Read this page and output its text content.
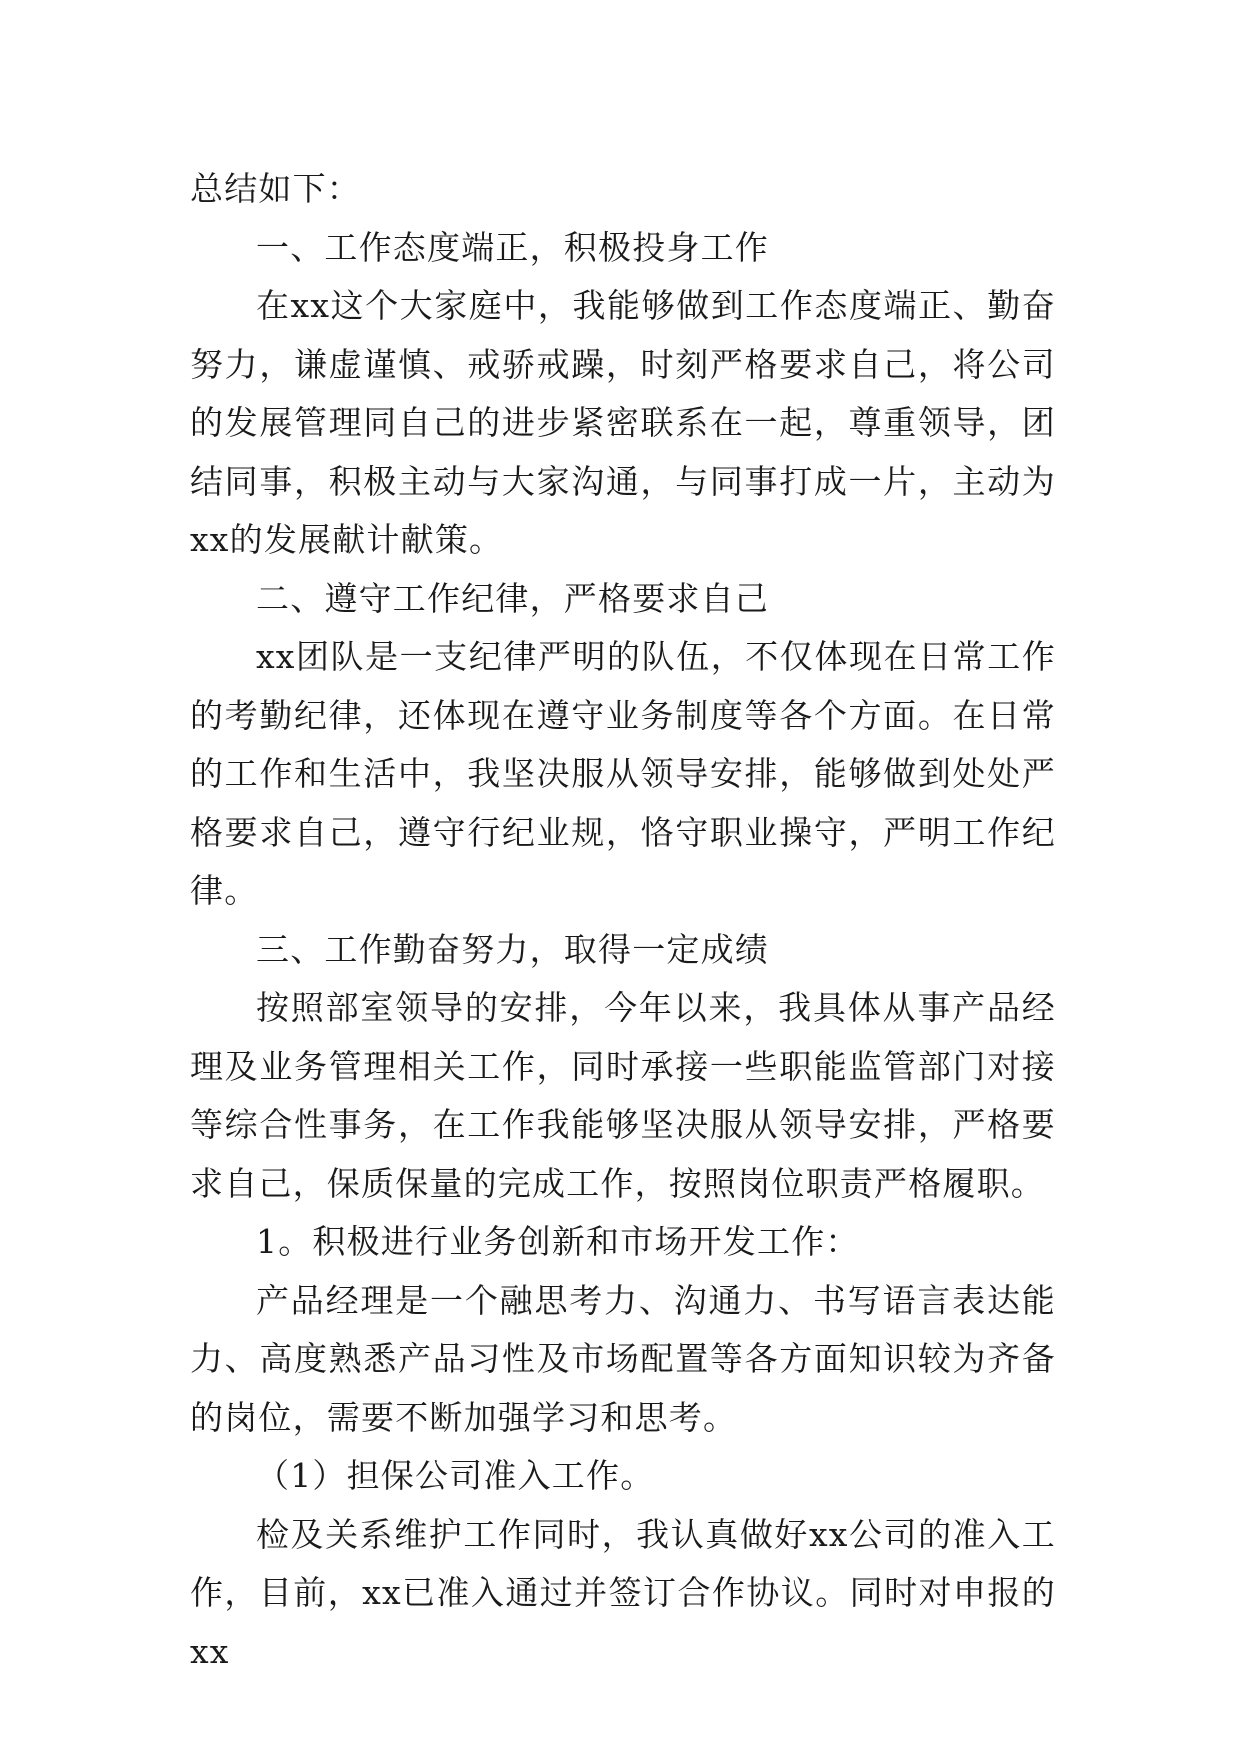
总结如下：

一、工作态度端正，积极投身工作

在xx这个大家庭中，我能够做到工作态度端正、勤奋努力，谦虚谨慎、戒骄戒躁，时刻严格要求自己，将公司的发展管理同自己的进步紧密联系在一起，尊重领导，团结同事，积极主动与大家沟通，与同事打成一片，主动为xx的发展献计献策。

二、遵守工作纪律，严格要求自己

xx团队是一支纪律严明的队伍，不仅体现在日常工作的考勤纪律，还体现在遵守业务制度等各个方面。在日常的工作和生活中，我坚决服从领导安排，能够做到处处严格要求自己，遵守行纪业规，恪守职业操守，严明工作纪律。

三、工作勤奋努力，取得一定成绩

按照部室领导的安排，今年以来，我具体从事产品经理及业务管理相关工作，同时承接一些职能监管部门对接等综合性事务，在工作我能够坚决服从领导安排，严格要求自己，保质保量的完成工作，按照岗位职责严格履职。

1。积极进行业务创新和市场开发工作：

产品经理是一个融思考力、沟通力、书写语言表达能力、高度熟悉产品习性及市场配置等各方面知识较为齐备的岗位，需要不断加强学习和思考。

（1）担保公司准入工作。

检及关系维护工作同时，我认真做好xx公司的准入工作，目前，xx已准入通过并签订合作协议。同时对申报的xx
